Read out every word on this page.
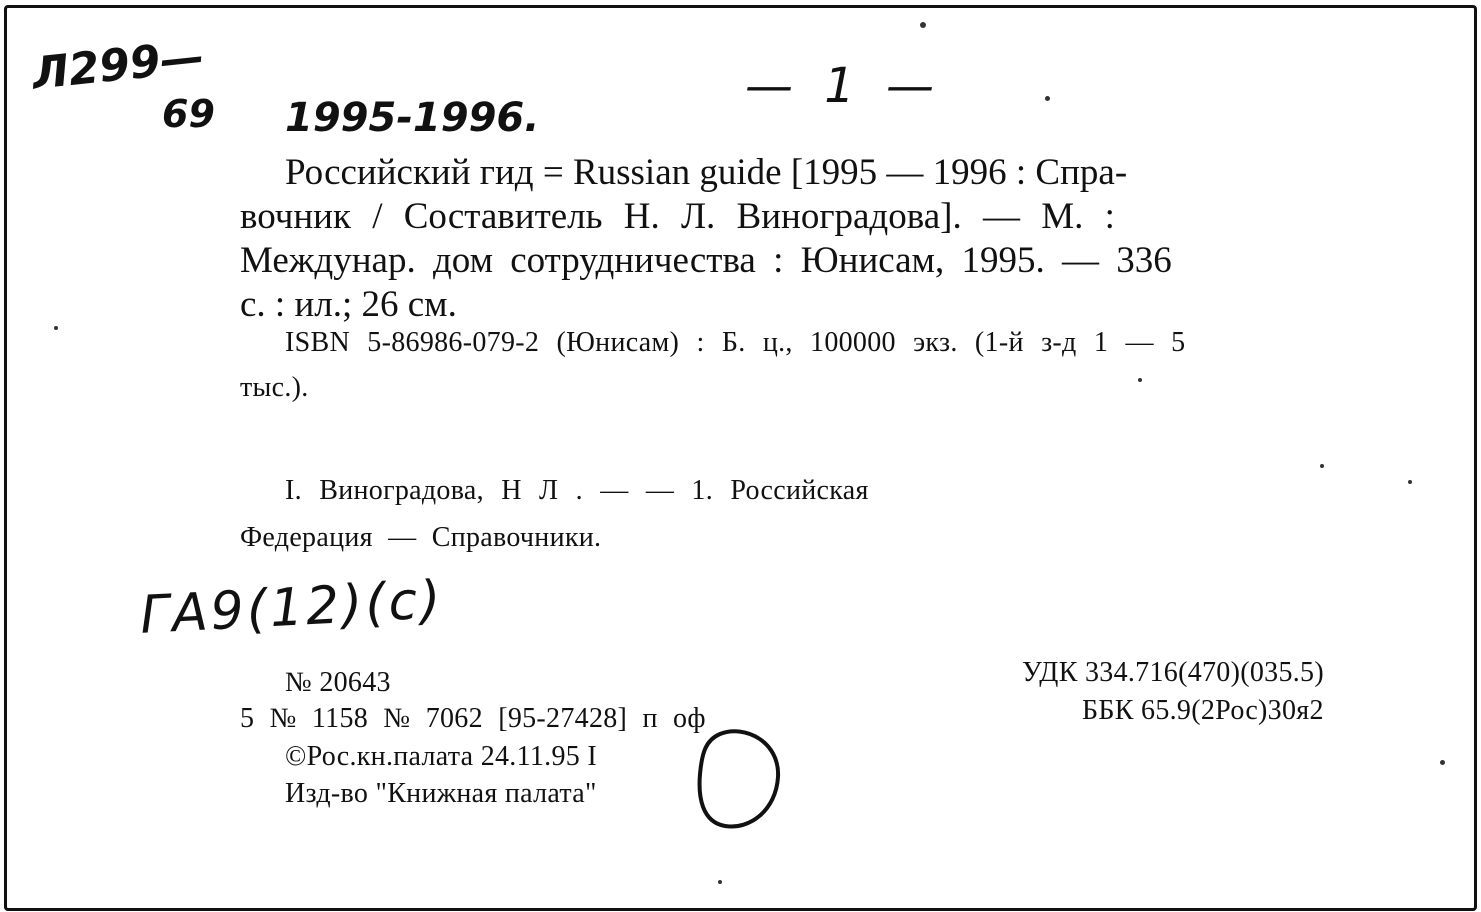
Л299—
69 1995-1996.
— 1 —
Российский гид = Russian guide [1995 — 1996 : Спра-
вочник / Составитель Н. Л. Виноградова]. — М. :
Междунар. дом сотрудничества : Юнисам, 1995. — 336
с. : ил.; 26 см.
ISBN 5-86986-079-2 (Юнисам) : Б. ц., 100000 экз. (1-й з-д 1 — 5
тыс.).
I. Виноградова, Н Л . — — 1. Российская
Федерация — Справочники.
ГА9(12)(с)
№ 20643
5 № 1158 № 7062 [95-27428] п оф
©Рос.кн.палата 24.11.95 I
Изд-во "Книжная палата"
УДК 334.716(470)(035.5)
ББК 65.9(2Рос)30я2
